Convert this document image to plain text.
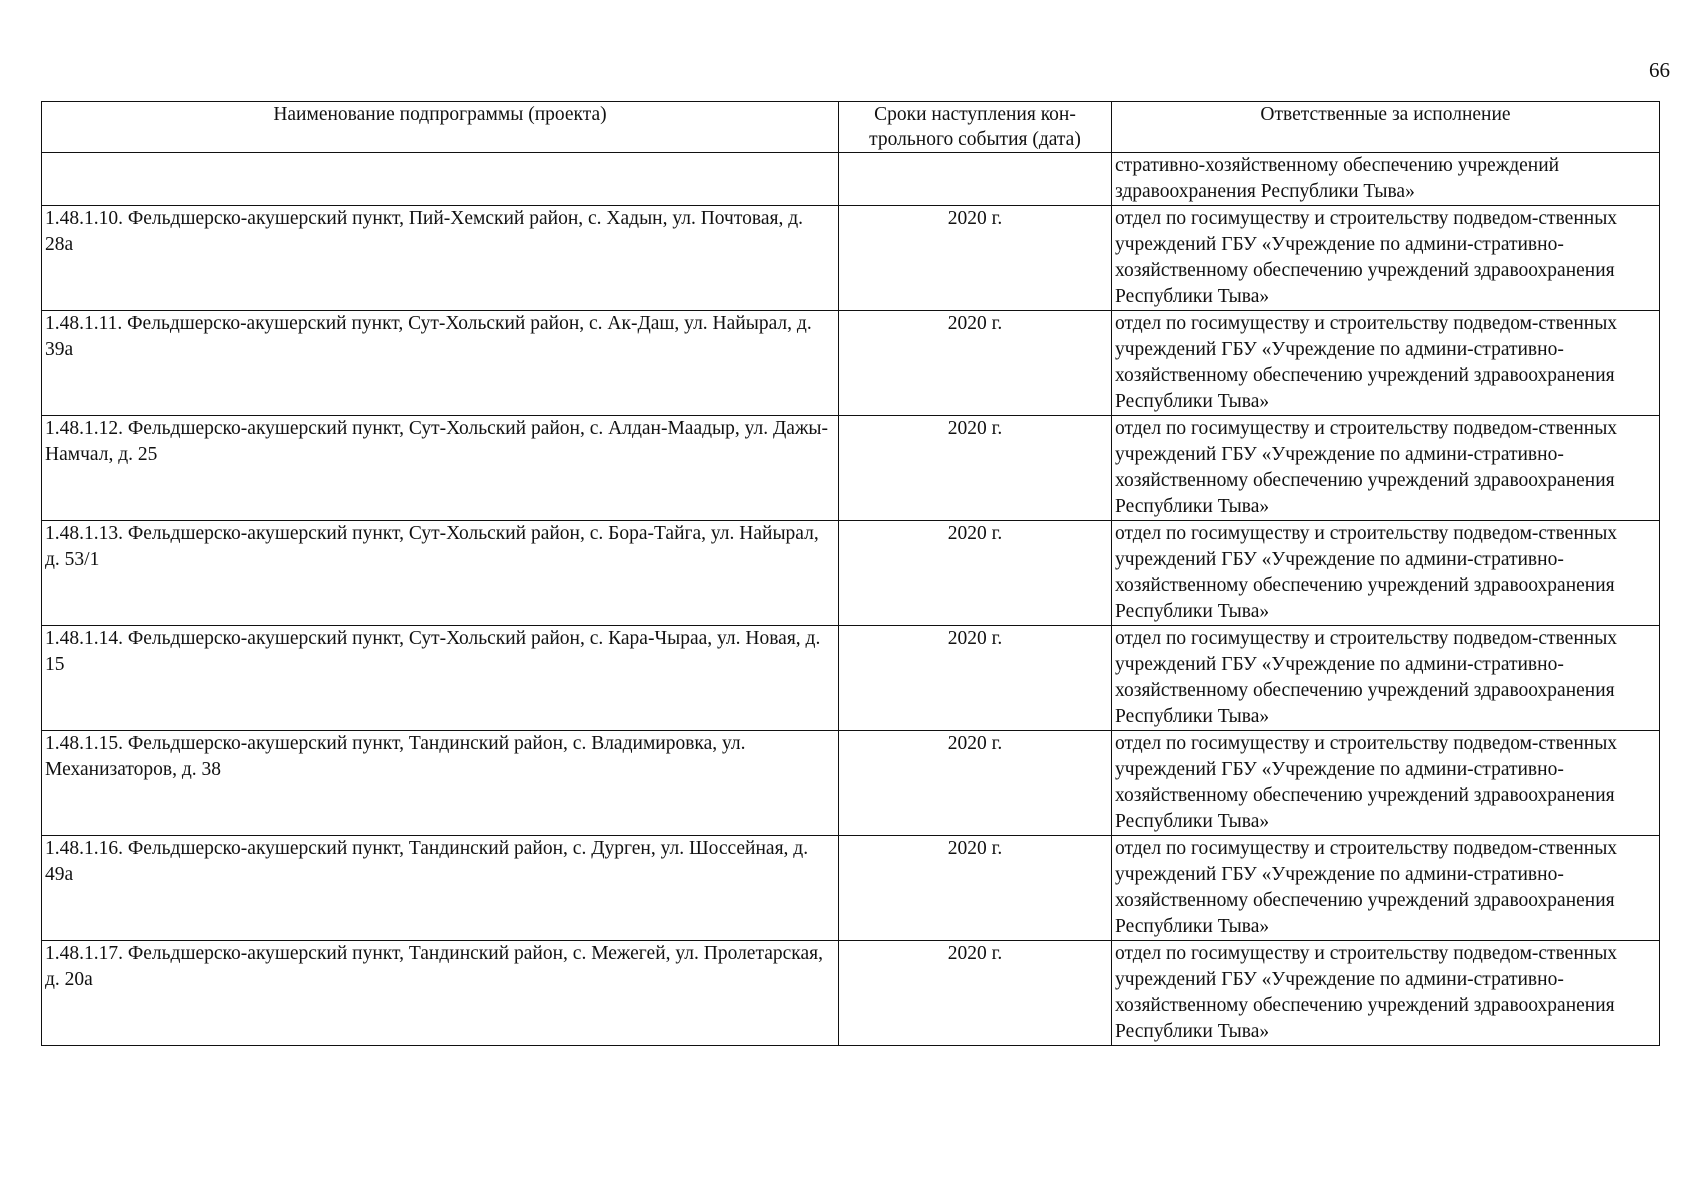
66
Наименование подпрограммы (проекта)	Сроки наступления кон-трольного события (дата)	Ответственные за исполнение
		стративно-хозяйственному обеспечению учреждений здравоохранения Республики Тыва»
1.48.1.10. Фельдшерско-акушерский пункт, Пий-Хемский район, с. Хадын, ул. Почтовая, д. 28а	2020 г.	отдел по госимуществу и строительству подведом-ственных учреждений ГБУ «Учреждение по админи-стративно-хозяйственному обеспечению учреждений здравоохранения Республики Тыва»
1.48.1.11. Фельдшерско-акушерский пункт, Сут-Хольский район, с. Ак-Даш, ул. Найырал, д. 39а	2020 г.	отдел по госимуществу и строительству подведом-ственных учреждений ГБУ «Учреждение по админи-стративно-хозяйственному обеспечению учреждений здравоохранения Республики Тыва»
1.48.1.12. Фельдшерско-акушерский пункт, Сут-Хольский район, с. Алдан-Маадыр, ул. Дажы-Намчал, д. 25	2020 г.	отдел по госимуществу и строительству подведом-ственных учреждений ГБУ «Учреждение по админи-стративно-хозяйственному обеспечению учреждений здравоохранения Республики Тыва»
1.48.1.13. Фельдшерско-акушерский пункт, Сут-Хольский район, с. Бора-Тайга, ул. Найырал, д. 53/1	2020 г.	отдел по госимуществу и строительству подведом-ственных учреждений ГБУ «Учреждение по админи-стративно-хозяйственному обеспечению учреждений здравоохранения Республики Тыва»
1.48.1.14. Фельдшерско-акушерский пункт, Сут-Хольский район, с. Кара-Чыраа, ул. Новая, д. 15	2020 г.	отдел по госимуществу и строительству подведом-ственных учреждений ГБУ «Учреждение по админи-стративно-хозяйственному обеспечению учреждений здравоохранения Республики Тыва»
1.48.1.15. Фельдшерско-акушерский пункт, Тандинский район, с. Владимировка, ул. Механизаторов, д. 38	2020 г.	отдел по госимуществу и строительству подведом-ственных учреждений ГБУ «Учреждение по админи-стративно-хозяйственному обеспечению учреждений здравоохранения Республики Тыва»
1.48.1.16. Фельдшерско-акушерский пункт, Тандинский район, с. Дурген, ул. Шоссейная, д. 49а	2020 г.	отдел по госимуществу и строительству подведом-ственных учреждений ГБУ «Учреждение по админи-стративно-хозяйственному обеспечению учреждений здравоохранения Республики Тыва»
1.48.1.17. Фельдшерско-акушерский пункт, Тандинский район, с. Межегей, ул. Пролетарская, д. 20а	2020 г.	отдел по госимуществу и строительству подведом-ственных учреждений ГБУ «Учреждение по админи-стративно-хозяйственному обеспечению учреждений здравоохранения Республики Тыва»
